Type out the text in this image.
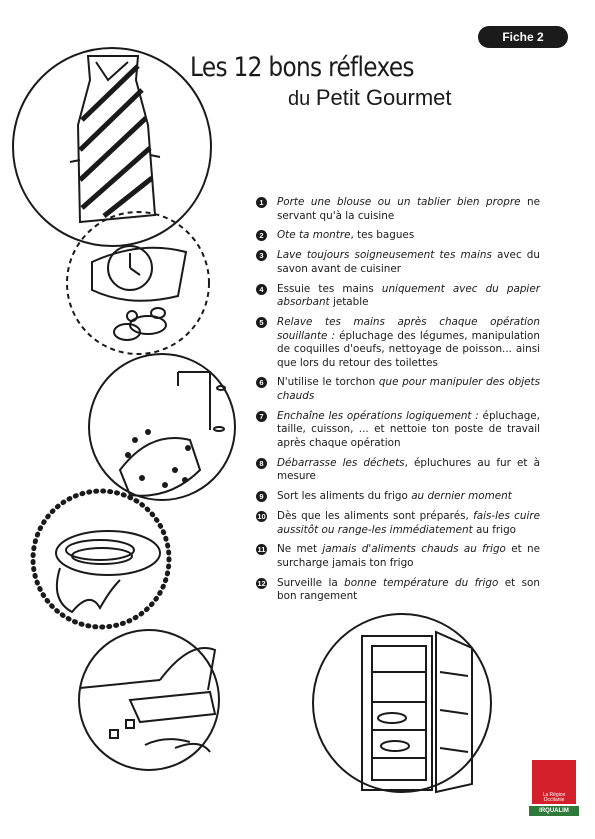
Fiche 2
Les 12 bons réflexes
du Petit Gourmet
1	Porte une blouse ou un tablier bien propre ne servant qu'à la cuisine
2	Ote ta montre, tes bagues
3	Lave toujours soigneusement tes mains avec du savon avant de cuisiner
4	Essuie tes mains uniquement avec du papier absorbant jetable
5	Relave tes mains après chaque opération souillante : épluchage des légumes, manipulation de coquilles d'oeufs, nettoyage de poisson... ainsi que lors du retour des toilettes
6	N'utilise le torchon que pour manipuler des objets chauds
7	Enchaîne les opérations logiquement : épluchage, taille, cuisson, ... et nettoie ton poste de travail après chaque opération
8	Débarrasse les déchets, épluchures au fur et à mesure
9	Sort les aliments du frigo au dernier moment
10 Dès que les aliments sont préparés, fais-les cuire aussitôt ou range-les immédiatement au frigo
11 Ne met jamais d'aliments chauds au frigo et ne surcharge jamais ton frigo
12 Surveille la bonne température du frigo et son bon rangement
La Région
Occitanie
IRQUALIM
